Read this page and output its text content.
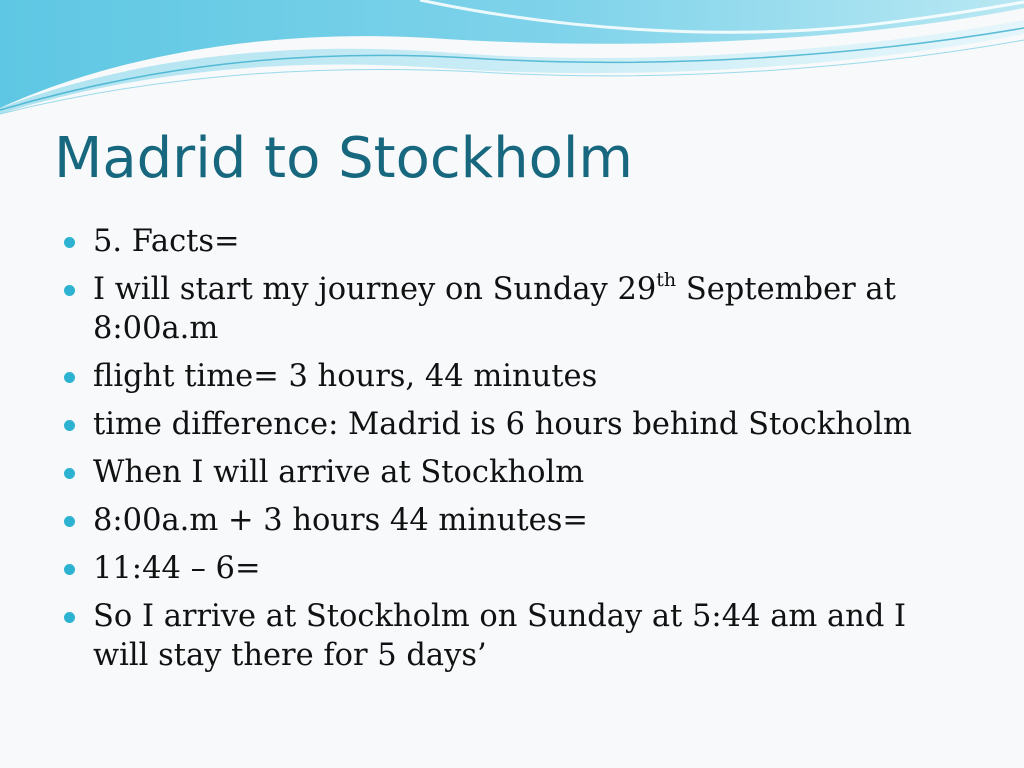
Madrid to Stockholm
5. Facts=
I will start my journey on Sunday 29th September at 8:00a.m
flight time= 3 hours, 44 minutes
time difference: Madrid is 6 hours behind Stockholm
When I will arrive at Stockholm
8:00a.m + 3 hours 44 minutes=
11:44 – 6=
So I arrive at Stockholm on Sunday at 5:44 am and I will stay there for 5 days’
